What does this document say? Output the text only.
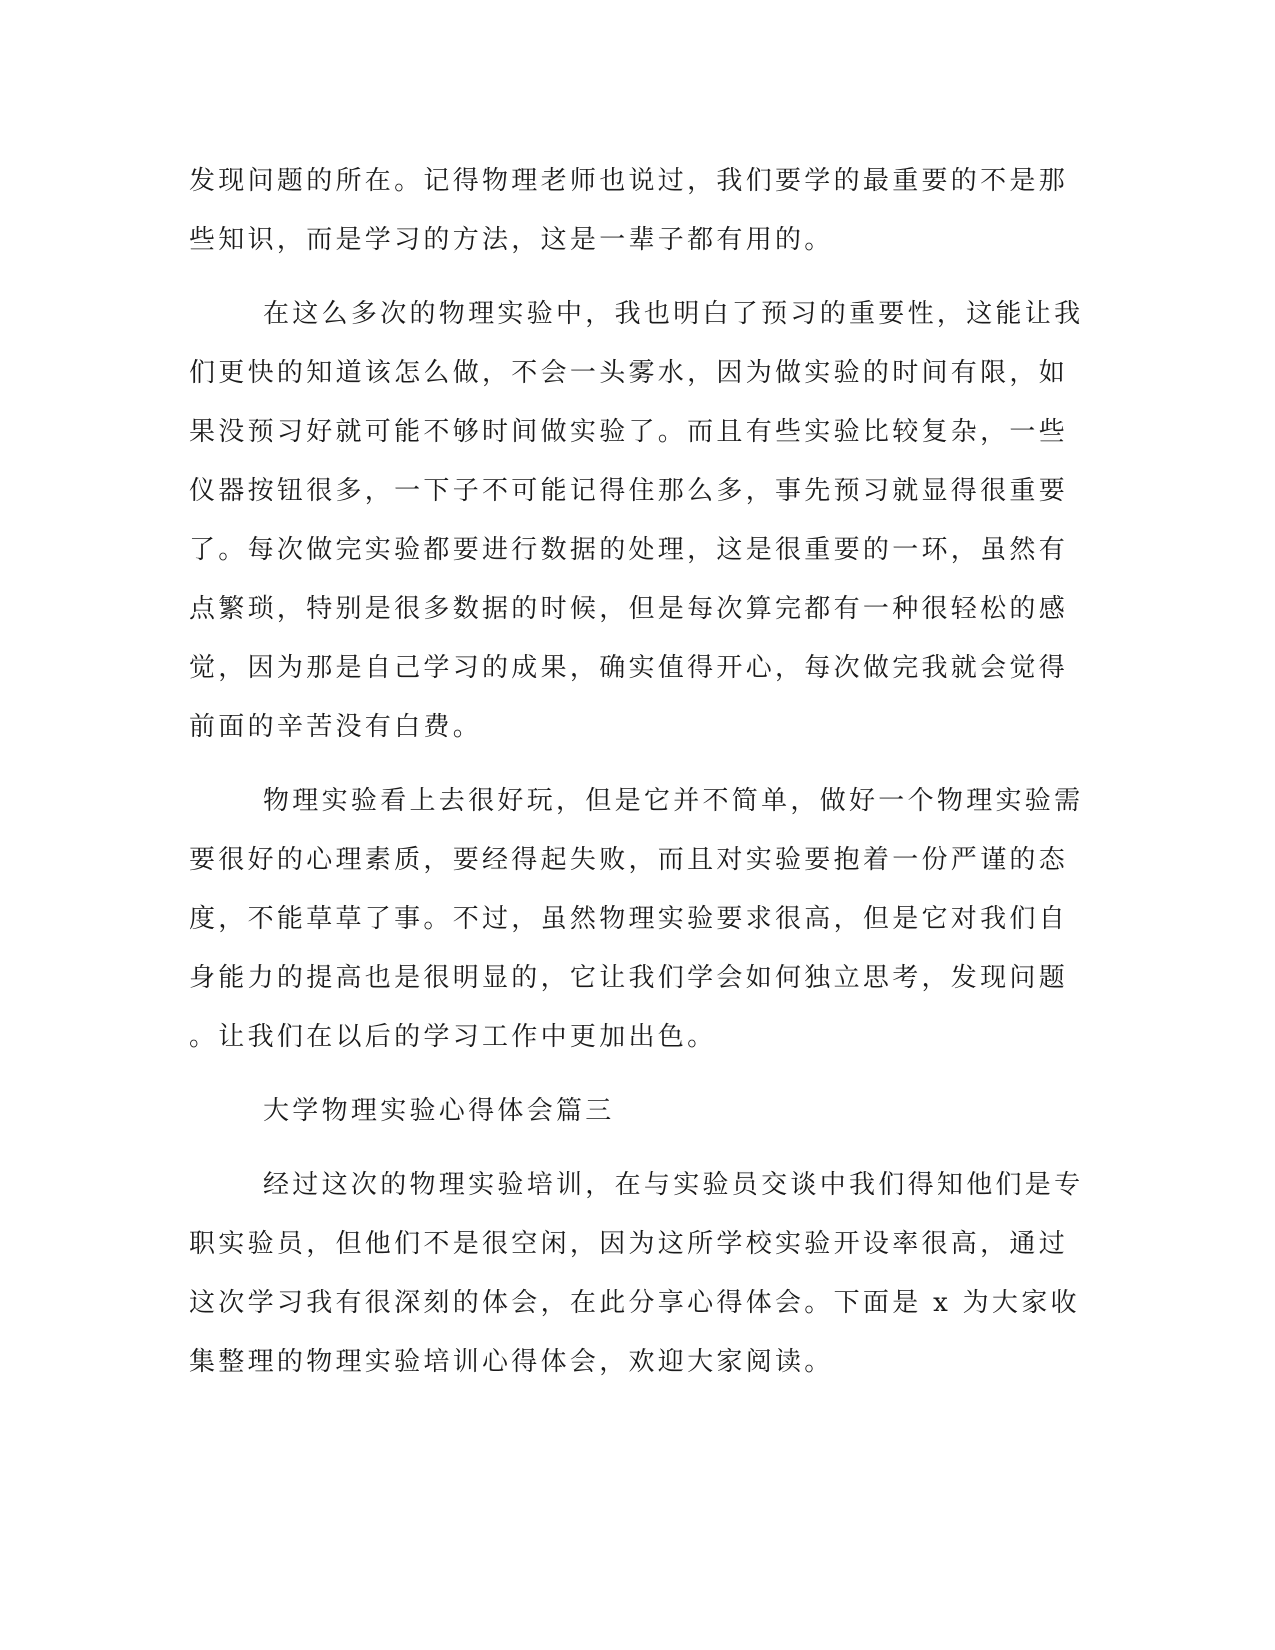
发现问题的所在。记得物理老师也说过，我们要学的最重要的不是那
些知识，而是学习的方法，这是一辈子都有用的。
在这么多次的物理实验中，我也明白了预习的重要性，这能让我
们更快的知道该怎么做，不会一头雾水，因为做实验的时间有限，如
果没预习好就可能不够时间做实验了。而且有些实验比较复杂，一些
仪器按钮很多，一下子不可能记得住那么多，事先预习就显得很重要
了。每次做完实验都要进行数据的处理，这是很重要的一环，虽然有
点繁琐，特别是很多数据的时候，但是每次算完都有一种很轻松的感
觉，因为那是自己学习的成果，确实值得开心，每次做完我就会觉得
前面的辛苦没有白费。
物理实验看上去很好玩，但是它并不简单，做好一个物理实验需
要很好的心理素质，要经得起失败，而且对实验要抱着一份严谨的态
度，不能草草了事。不过，虽然物理实验要求很高，但是它对我们自
身能力的提高也是很明显的，它让我们学会如何独立思考，发现问题
。让我们在以后的学习工作中更加出色。
大学物理实验心得体会篇三
经过这次的物理实验培训，在与实验员交谈中我们得知他们是专
职实验员，但他们不是很空闲，因为这所学校实验开设率很高，通过
这次学习我有很深刻的体会，在此分享心得体会。下面是 x 为大家收
集整理的物理实验培训心得体会，欢迎大家阅读。
